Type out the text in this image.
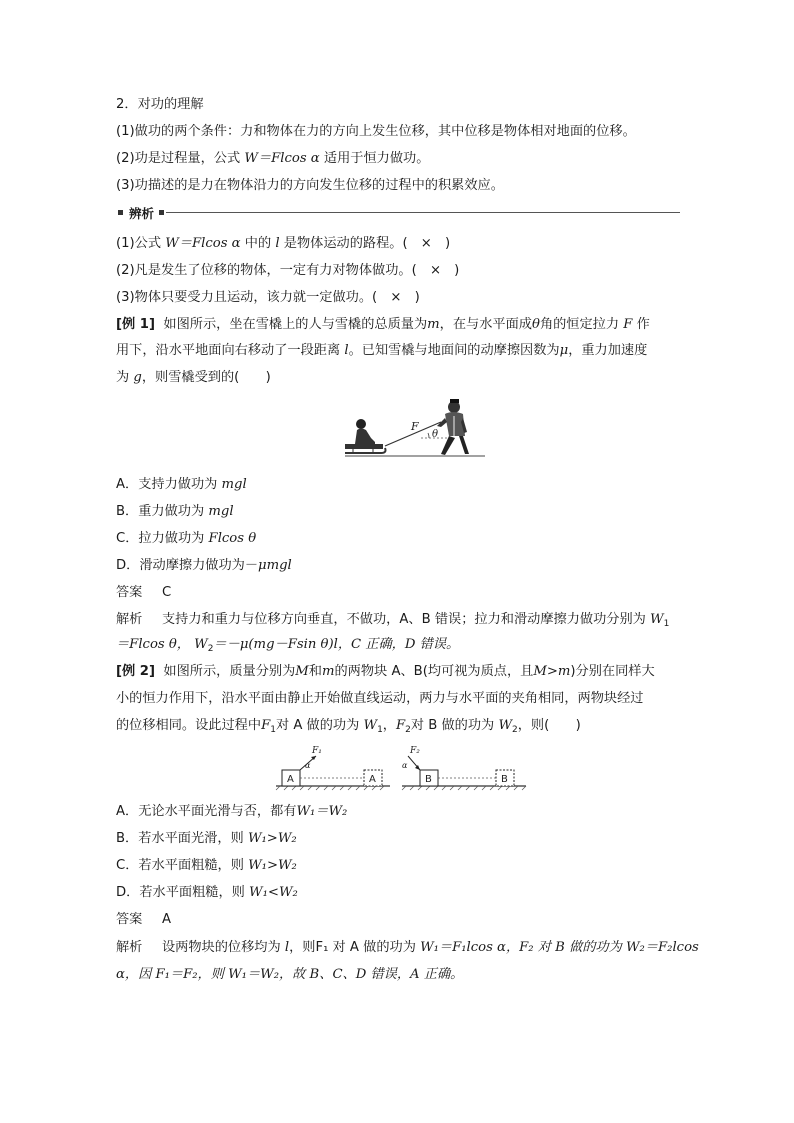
2．对功的理解
(1)做功的两个条件：力和物体在力的方向上发生位移，其中位移是物体相对地面的位移。
(2)功是过程量，公式 W＝Flcos α 适用于恒力做功。
(3)功描述的是力在物体沿力的方向发生位移的过程中的积累效应。
辨析
(1)公式 W＝Flcos α 中的 l 是物体运动的路程。(　×　)
(2)凡是发生了位移的物体，一定有力对物体做功。(　×　)
(3)物体只要受力且运动，该力就一定做功。(　×　)
[例 1] 如图所示，坐在雪橇上的人与雪橇的总质量为m，在与水平面成θ角的恒定拉力 F 作
用下，沿水平地面向右移动了一段距离 l。已知雪橇与地面间的动摩擦因数为μ，重力加速度
为 g，则雪橇受到的(　　)
F
θ
A．支持力做功为 mgl
B．重力做功为 mgl
C．拉力做功为 Flcos θ
D．滑动摩擦力做功为－μmgl
答案 C
解析 支持力和重力与位移方向垂直，不做功，A、B 错误；拉力和滑动摩擦力做功分别为 $W_1$
＝Flcos θ， $W_2=-\mu(mg-Fsin$ θ)l，C 正确，D 错误。
[例 2] 如图所示，质量分别为M和m的两物块 A、B(均可视为质点，且M>m)分别在同样大
小的恒力作用下，沿水平面由静止开始做直线运动，两力与水平面的夹角相同，两物块经过
的位移相同。设此过程中$F_1$对 A 做的功为 $W_1$，$F_2$对 B 做的功为 $W_2$，则(　　)
A
F₁
α
A	B
F₂
α
B
A．无论水平面光滑与否，都有W₁＝W₂
B．若水平面光滑，则 W₁>W₂
C．若水平面粗糙，则 W₁>W₂
D．若水平面粗糙，则 W₁<W₂
答案 A
解析 设两物块的位移均为 l，则F₁ 对 A 做的功为 W₁＝F₁lcos α，F₂ 对 B 做的功为 W₂＝F₂lcos
α，因 F₁＝F₂，则 W₁＝W₂，故 B、C、D 错误，A 正确。
